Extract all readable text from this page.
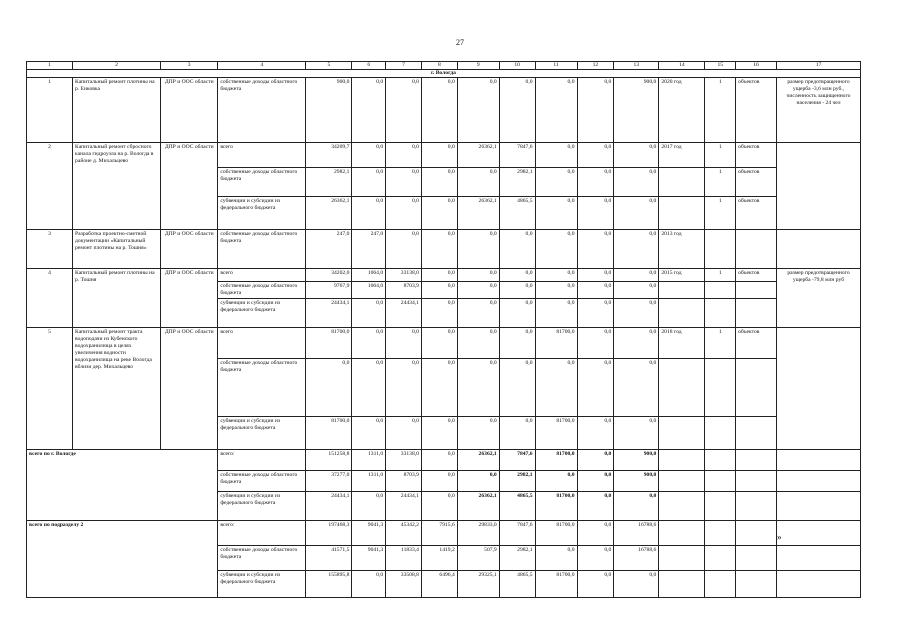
27
1	2	3	4	5	6	7	8	9	10	11	12	13	14	15	16	17
г. Вологда																
1	Капитальный ремонт плотины на р. Еиковка	ДПР и ООС области	собственные доходы областного бюджета	900,0	0,0	0,0	0,0	0,0	0,0	0,0	0,0	900,0	2020 год	1	объектов	размер предотвращенного ущерба -3,6 млн руб., численность защищенного населения - 24 чел
2	Капитальный ремонт сбросного канала гидроузла на р. Вологда в районе д. Михальцево	ДПР и ООС области	всего	34209,7	0,0	0,0	0,0	26362,1	7847,6	0,0	0,0	0,0	2017 год	1	объектов	
			собственные доходы областного бюджета	2982,1	0,0	0,0	0,0	0,0	2982,1	0,0	0,0	0,0		1	объектов	
			субвенции и субсидии из федерального бюджета	26362,1	0,0	0,0	0,0	26362,1	4865,5	0,0	0,0	0,0		1	объектов	
3	Разработка проектно-сметной документации «Капитальный ремонт плотины на р. Тошня»	ДПР и ООС области	собственные доходы областного бюджета	247,0	247,0	0,0	0,0	0,0	0,0	0,0	0,0	0,0	2013 год			
4	Капитальный ремонт плотины на р. Тошня	ДПР и ООС области	всего	34202,0	1064,0	33138,0	0,0	0,0	0,0	0,0	0,0	0,0	2015 год	1	объектов	размер предотвращенного ущерба -79,8 млн руб
			собственные доходы областного бюджета	9767,9	1064,0	8703,9	0,0	0,0	0,0	0,0	0,0	0,0				
			субвенции и субсидии из федерального бюджета	24434,1	0,0	24434,1	0,0	0,0	0,0	0,0	0,0	0,0				
5	Капитальный ремонт тракта водоподачи из Кубенского водохранилища в целях увеличения водности водохранилища на реке Вологда вблизи дер. Михальцево	ДПР и ООС области	всего	81700,0	0,0	0,0	0,0	0,0	0,0	81700,0	0,0	0,0	2018 год	1	объектов	
			собственные доходы областного бюджета	0,0	0,0	0,0	0,0	0,0	0,0	0,0	0,0	0,0				
			субвенции и субсидии из федерального бюджета	81700,0	0,0	0,0	0,0	0,0	0,0	81700,0	0,0	0,0				
всего по г. Вологде			всего:	151258,8	1311,0	33138,0	0,0	26362,1	7847,6	81700,0	0,0	900,0				
			собственные доходы областного бюджета	37277,0	1311,0	8703,9	0,0	0,0	2982,1	0,0	0,0	900,0				
			субвенции и субсидии из федерального бюджета	24434,1	0,0	24434,1	0,0	26362,1	4865,5	81700,0	0,0	0,0				
всего по подразделу 2			всего:	197468,3	9041,3	45342,2	7915,6	29833,0	7847,6	81700,0	0,0	16788,6				
			собственные доходы областного бюджета	41571,5	9041,3	11833,4	1419,2	507,9	2982,1	0,0	0,0	16788,6				
			субвенции и субсидии из федерального бюджета	155895,8	0,0	33508,8	6496,4	29325,1	4865,5	81700,0	0,0	0,0				
»
